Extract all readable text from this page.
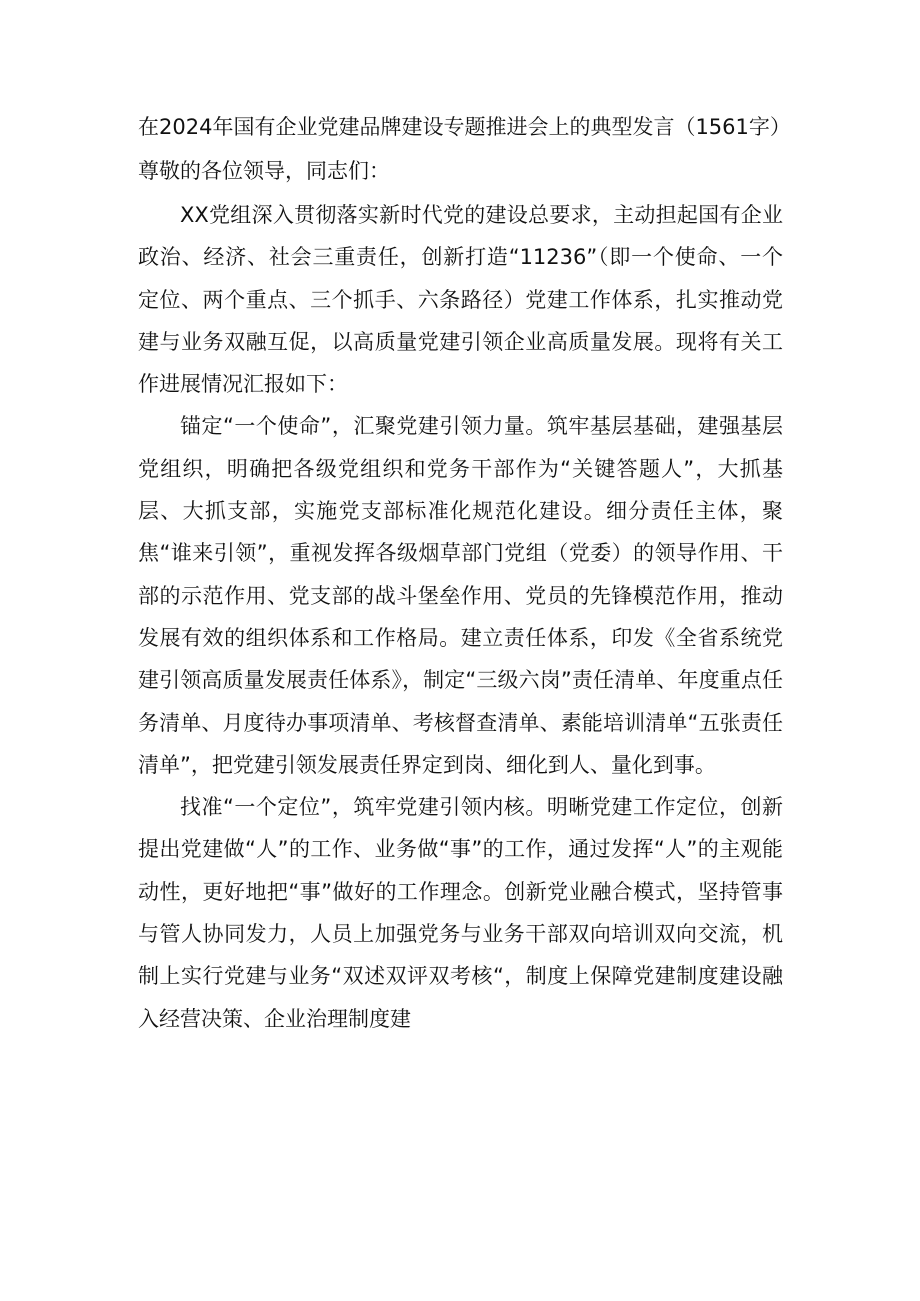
在2024年国有企业党建品牌建设专题推进会上的典型发言（1561字）
尊敬的各位领导，同志们：

XX党组深入贯彻落实新时代党的建设总要求，主动担起国有企业政治、经济、社会三重责任，创新打造“11236”（即一个使命、一个定位、两个重点、三个抓手、六条路径）党建工作体系，扎实推动党建与业务双融互促，以高质量党建引领企业高质量发展。现将有关工作进展情况汇报如下：

锚定“一个使命”，汇聚党建引领力量。筑牢基层基础，建强基层党组织，明确把各级党组织和党务干部作为“关键答题人”，大抓基层、大抓支部，实施党支部标准化规范化建设。细分责任主体，聚焦“谁来引领”，重视发挥各级烟草部门党组（党委）的领导作用、干部的示范作用、党支部的战斗堡垒作用、党员的先锋模范作用，推动发展有效的组织体系和工作格局。建立责任体系，印发《全省系统党建引领高质量发展责任体系》，制定“三级六岗”责任清单、年度重点任务清单、月度待办事项清单、考核督查清单、素能培训清单“五张责任清单”，把党建引领发展责任界定到岗、细化到人、量化到事。

找准“一个定位”，筑牢党建引领内核。明晰党建工作定位，创新提出党建做“人”的工作、业务做“事”的工作，通过发挥“人”的主观能动性，更好地把“事”做好的工作理念。创新党业融合模式，坚持管事与管人协同发力，人员上加强党务与业务干部双向培训双向交流，机制上实行党建与业务“双述双评双考核“，制度上保障党建制度建设融入经营决策、企业治理制度建
